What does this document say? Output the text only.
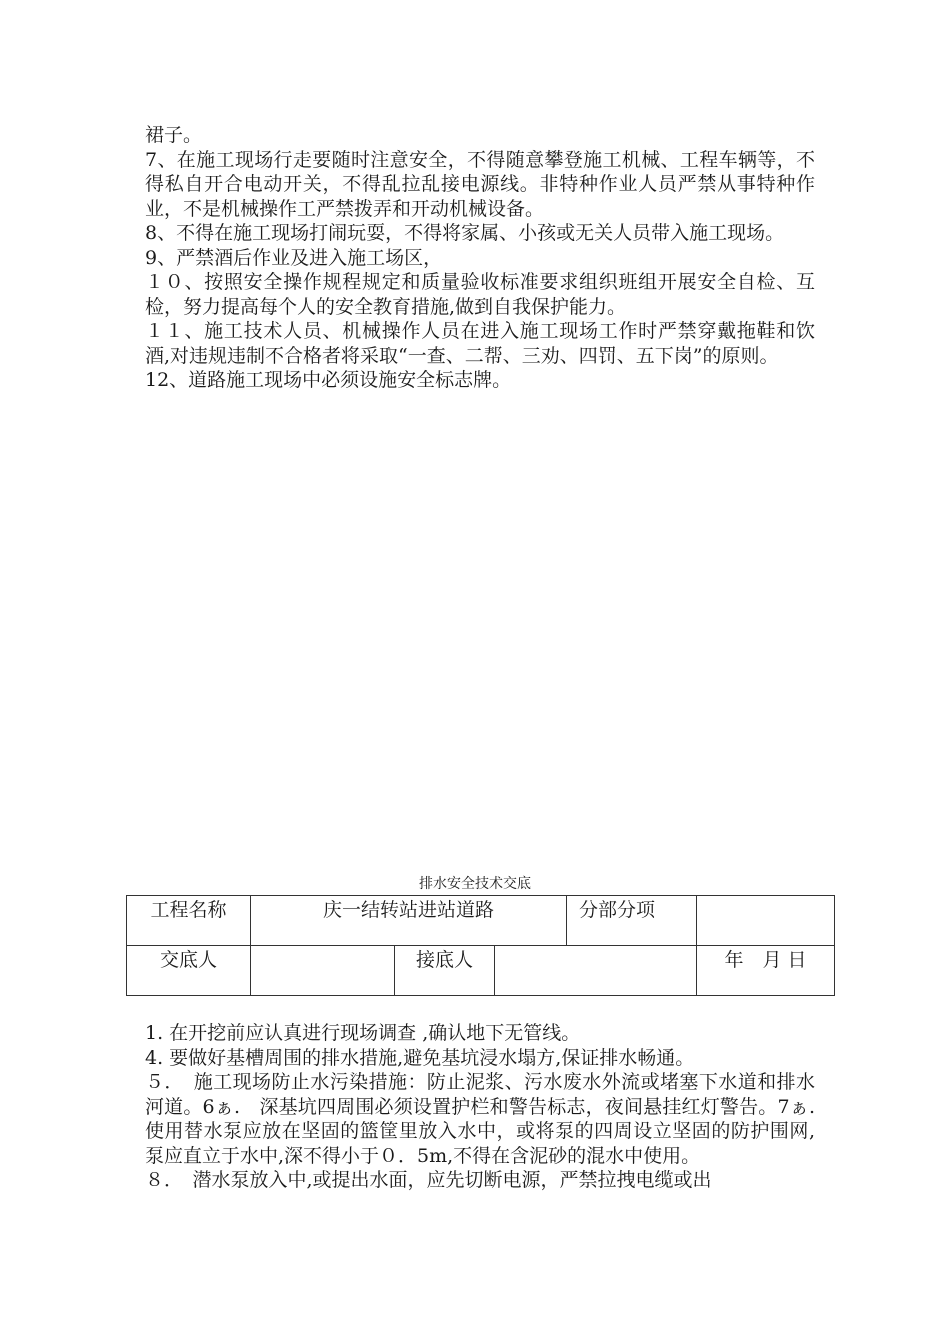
裙子。

7、在施工现场行走要随时注意安全，不得随意攀登施工机械、工程车辆等，不得私自开合电动开关，不得乱拉乱接电源线。非特种作业人员严禁从事特种作业，不是机械操作工严禁拨弄和开动机械设备。

8、不得在施工现场打闹玩耍，不得将家属、小孩或无关人员带入施工现场。

9、严禁酒后作业及进入施工场区，

１０、按照安全操作规程规定和质量验收标准要求组织班组开展安全自检、互检，努力提高每个人的安全教育措施,做到自我保护能力。

１１、施工技术人员、机械操作人员在进入施工现场工作时严禁穿戴拖鞋和饮酒,对违规违制不合格者将采取“一查、二帮、三劝、四罚、五下岗”的原则。

12、道路施工现场中必须设施安全标志牌。

排水安全技术交底
工程名称	庆一结转站进站道路			分部分项	
交底人		接底人			年　月 日

1. 在开挖前应认真进行现场调查 ,确认地下无管线。

4. 要做好基槽周围的排水措施,避免基坑浸水塌方,保证排水畅通。

５．　施工现场防止水污染措施：防止泥浆、污水废水外流或堵塞下水道和排水河道。6ぁ.　深基坑四周围必须设置护栏和警告标志，夜间悬挂红灯警告。7ぁ.　 使用替水泵应放在坚固的篮筐里放入水中，或将泵的四周设立坚固的防护围网,泵应直立于水中,深不得小于０．5m,不得在含泥砂的混水中使用。

８．　潜水泵放入中,或提出水面，应先切断电源，严禁拉拽电缆或出
